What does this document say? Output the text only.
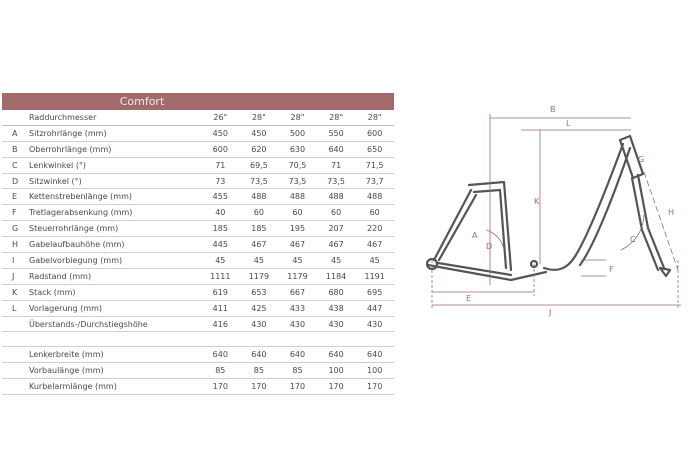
Comfort
	Raddurchmesser	26"	28"	28"	28"	28"
A	Sitzrohrlänge (mm)	450	450	500	550	600
B	Oberrohrlänge (mm)	600	620	630	640	650
C	Lenkwinkel (°)	71	69,5	70,5	71	71,5
D	Sitzwinkel (°)	73	73,5	73,5	73,5	73,7
E	Kettenstrebenlänge (mm)	455	488	488	488	488
F	Tretlagerabsenkung (mm)	40	60	60	60	60
G	Steuerrohrlänge (mm)	185	185	195	207	220
H	Gabelaufbauhöhe (mm)	445	467	467	467	467
I	Gabelvorbiegung (mm)	45	45	45	45	45
J	Radstand (mm)	1111	1179	1179	1184	1191
K	Stack (mm)	619	653	667	680	695
L	Vorlagerung (mm)	411	425	433	438	447
	Überstands-/Durchstiegshöhe	416	430	430	430	430

	Lenkerbreite (mm)	640	640	640	640	640
	Vorbaulänge (mm)	85	85	85	100	100
	Kurbelarmlänge (mm)	170	170	170	170	170
B
L
K
G
H
C
A
D
F
E
J
